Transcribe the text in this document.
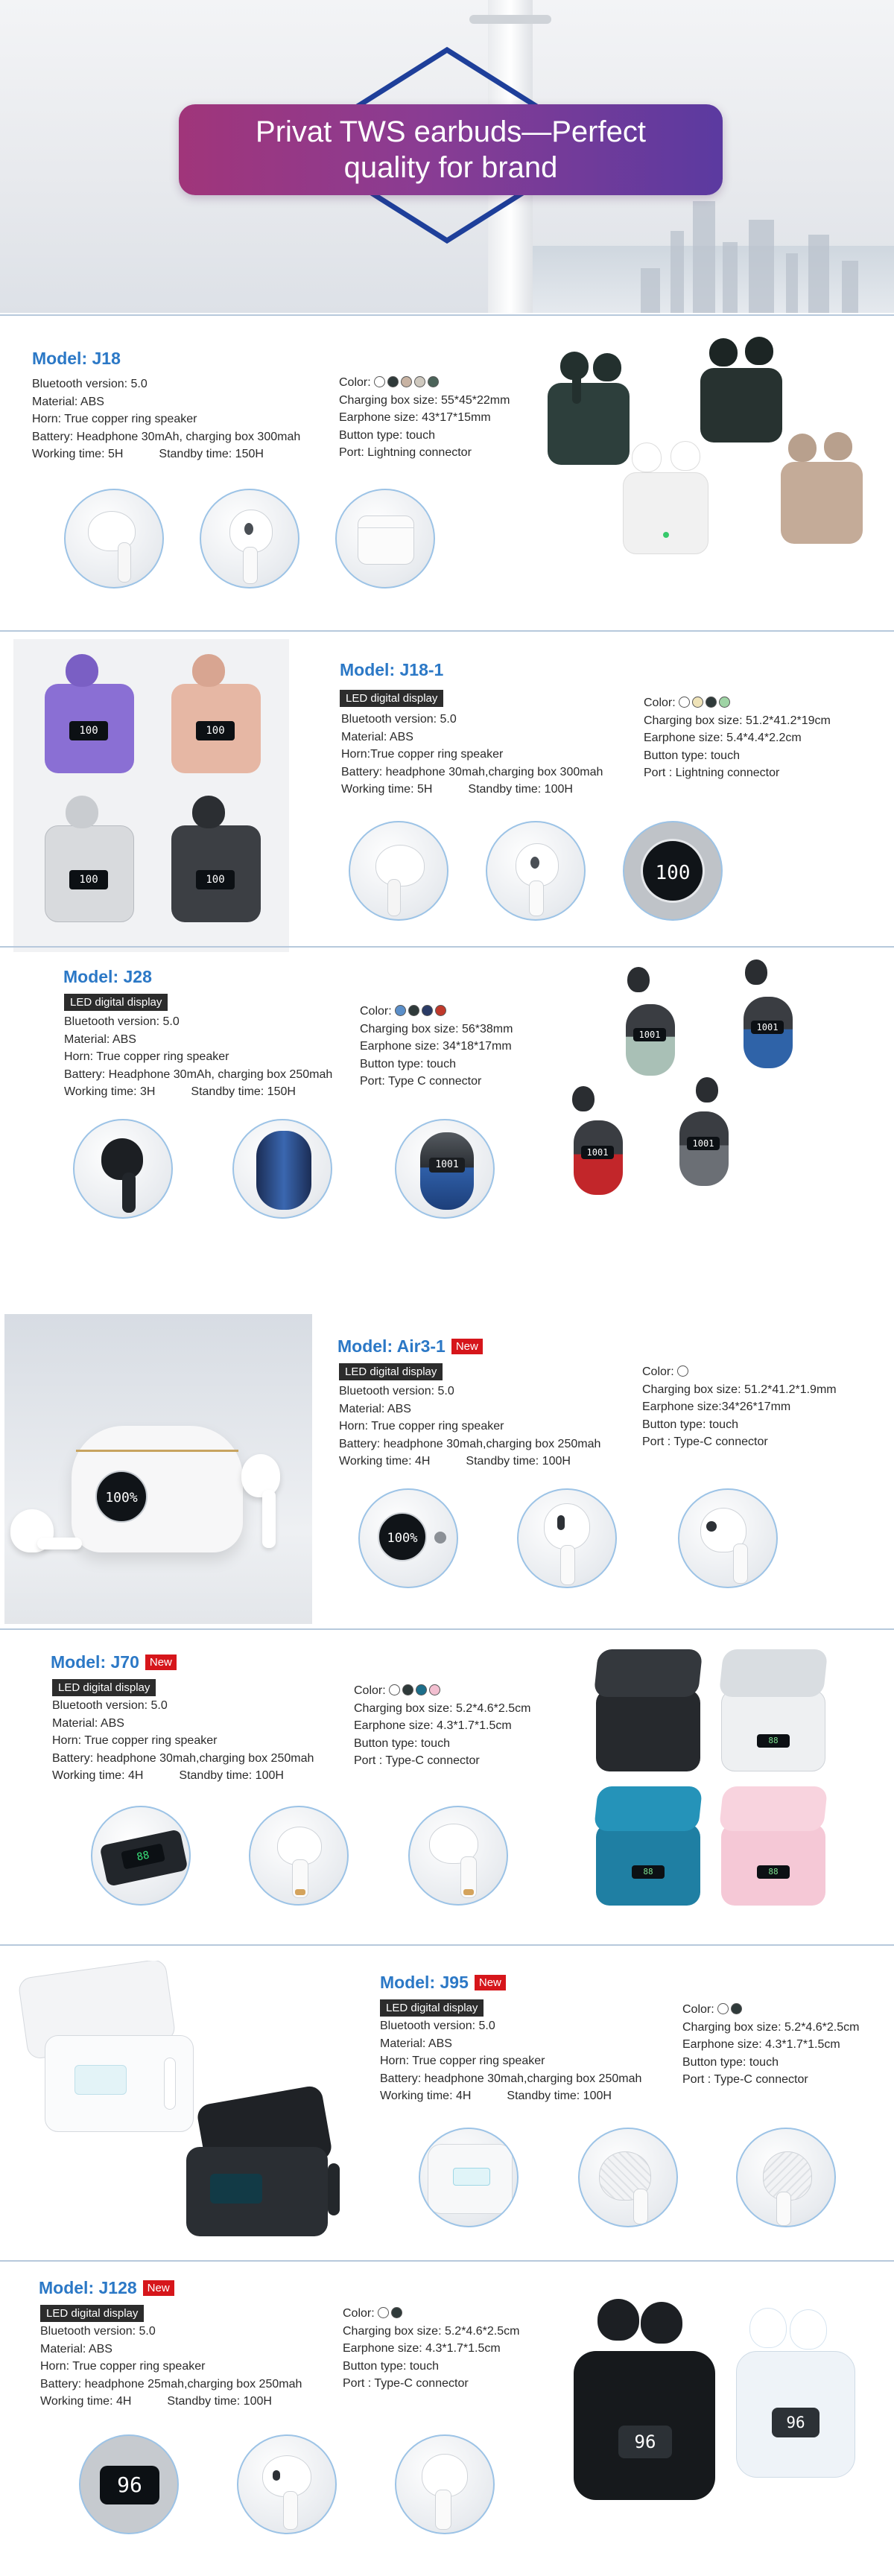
Privat TWS earbuds—Perfect quality for brand
Model: J18
Bluetooth version: 5.0
Material: ABS
Horn: True copper ring speaker
Battery: Headphone 30mAh, charging box 300mah
Working time: 5H	Standby time: 150H
Color:
Charging box size: 55*45*22mm
Earphone size: 43*17*15mm
Button type: touch
Port: Lightning connector
100	100
100	100
Model: J18-1
LED digital display
Bluetooth version: 5.0
Material: ABS
Horn:True copper ring speaker
Battery: headphone 30mah,charging box 300mah
Working time: 5H	Standby time: 100H
Color:
Charging box size: 51.2*41.2*19cm
Earphone size: 5.4*4.4*2.2cm
Button type: touch
Port : Lightning connector
100
Model: J28
LED digital display
Bluetooth version: 5.0
Material: ABS
Horn: True copper ring speaker
Battery: Headphone 30mAh, charging box 250mah
Working time: 3H	Standby time: 150H
Color:
Charging box size: 56*38mm
Earphone size: 34*18*17mm
Button type: touch
Port: Type C connector
1001
1001
1001
1001
1001
100%
Model: Air3-1 New
LED digital display
Bluetooth version: 5.0
Material: ABS
Horn: True copper ring speaker
Battery: headphone 30mah,charging box 250mah
Working time: 4H	Standby time: 100H
Color:
Charging box size: 51.2*41.2*1.9mm
Earphone size:34*26*17mm
Button type: touch
Port : Type-C connector
100%
Model: J70 New
LED digital display
Bluetooth version: 5.0
Material: ABS
Horn: True copper ring speaker
Battery: headphone 30mah,charging box 250mah
Working time: 4H	Standby time: 100H
Color:
Charging box size: 5.2*4.6*2.5cm
Earphone size: 4.3*1.7*1.5cm
Button type: touch
Port : Type-C connector
88
88
88	88
Model: J95 New
LED digital display
Bluetooth version: 5.0
Material: ABS
Horn: True copper ring speaker
Battery: headphone 30mah,charging box 250mah
Working time: 4H	Standby time: 100H
Color:
Charging box size: 5.2*4.6*2.5cm
Earphone size: 4.3*1.7*1.5cm
Button type: touch
Port : Type-C connector
Model: J128 New
LED digital display
Bluetooth version: 5.0
Material: ABS
Horn: True copper ring speaker
Battery: headphone 25mah,charging box 250mah
Working time: 4H	Standby time: 100H
Color:
Charging box size: 5.2*4.6*2.5cm
Earphone size: 4.3*1.7*1.5cm
Button type: touch
Port : Type-C connector
96
96
96
